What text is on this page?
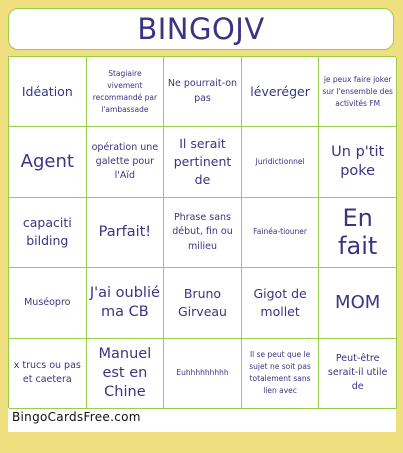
BINGOJV
Idéation
Stagiaire vivement recommandé par l'ambassade
Ne pourrait-on pas	léveréger
je peux faire joker sur l'ensemble des activités FM
Agent
opération une galette pour l'Aïd
Il serait pertinent de
Juridictionnel
Un p'tit poke
capaciti bilding
Parfait!
Phrase sans début, fin ou milieu
Fainéa-tiouner
En fait
Muséopro
J'ai oublié ma CB
Bruno Girveau
Gigot de mollet	MOM
x trucs ou pas et caetera
Manuel est en Chine
Euhhhhhhhhh
Il se peut que le sujet ne soit pas totalement sans lien avec
Peut-être serait-il utile de
BingoCardsFree.com
